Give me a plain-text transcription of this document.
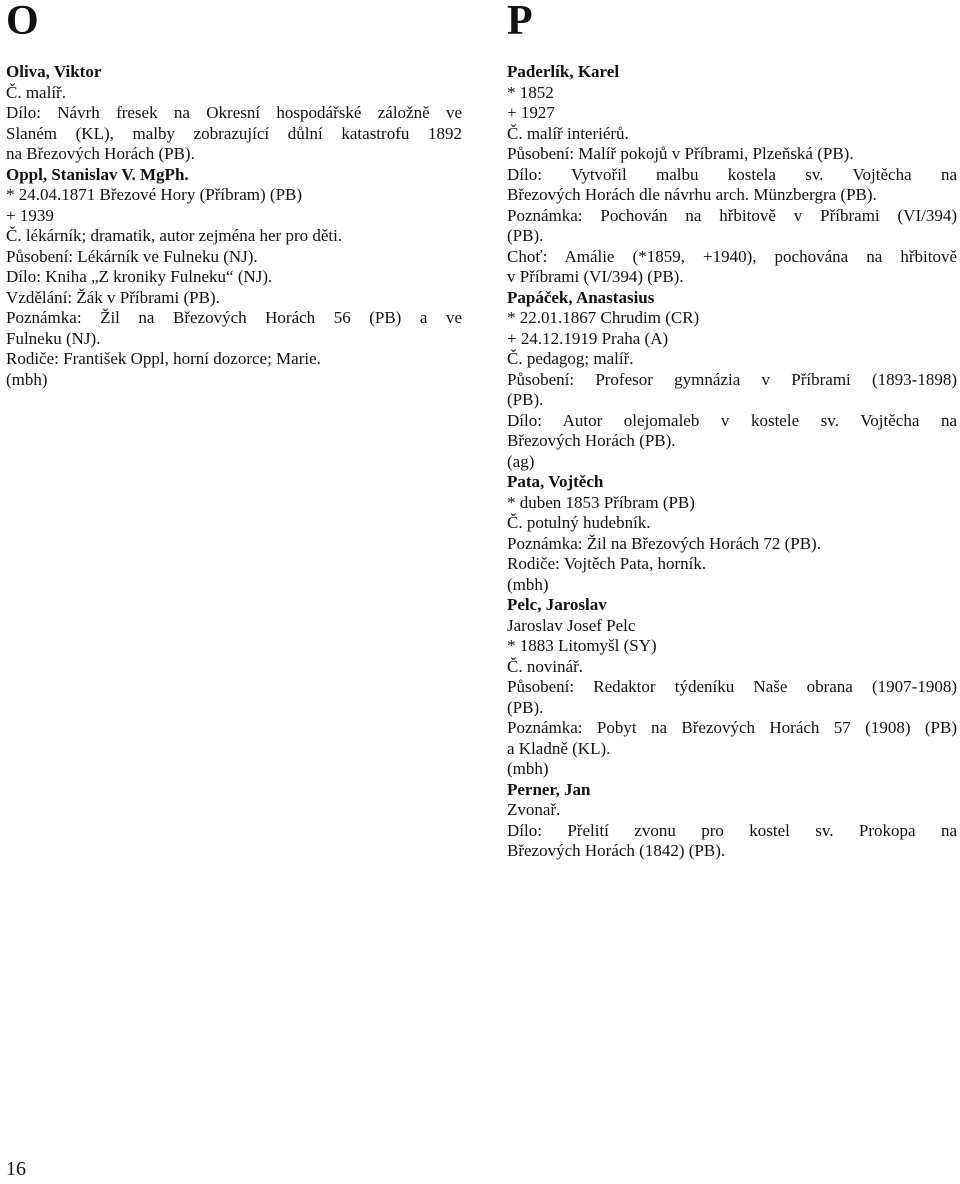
O

Oliva, Viktor

Č. malíř.

Dílo: Návrh fresek na Okresní hospodářské záložně ve

Slaném (KL), malby zobrazující důlní katastrofu 1892

na Březových Horách (PB).

Oppl, Stanislav V. MgPh.

* 24.04.1871 Březové Hory (Příbram) (PB)

+ 1939

Č. lékárník; dramatik, autor zejména her pro děti.

Působení: Lékárník ve Fulneku (NJ).

Dílo: Kniha „Z kroniky Fulneku“ (NJ).

Vzdělání: Žák v Příbrami (PB).

Poznámka: Žil na Březových Horách 56 (PB) a ve

Fulneku (NJ).

Rodiče: František Oppl, horní dozorce; Marie.

(mbh)

P

Paderlík, Karel

* 1852

+ 1927

Č. malíř interiérů.

Působení: Malíř pokojů v Příbrami, Plzeňská (PB).

Dílo: Vytvořil malbu kostela sv. Vojtěcha na

Březových Horách dle návrhu arch. Münzbergra (PB).

Poznámka: Pochován na hřbitově v Příbrami (VI/394)

(PB).

Choť: Amálie (*1859, +1940), pochována na hřbitově

v Příbrami (VI/394) (PB).

Papáček, Anastasius

* 22.01.1867 Chrudim (CR)

+ 24.12.1919 Praha (A)

Č. pedagog; malíř.

Působení: Profesor gymnázia v Příbrami (1893-1898)

(PB).

Dílo: Autor olejomaleb v kostele sv. Vojtěcha na

Březových Horách (PB).

(ag)

Pata, Vojtěch

* duben 1853 Příbram (PB)

Č. potulný hudebník.

Poznámka: Žil na Březových Horách 72 (PB).

Rodiče: Vojtěch Pata, horník.

(mbh)

Pelc, Jaroslav

Jaroslav Josef Pelc

* 1883 Litomyšl (SY)

Č. novinář.

Působení: Redaktor týdeníku Naše obrana (1907-1908)

(PB).

Poznámka: Pobyt na Březových Horách 57 (1908) (PB)

a Kladně (KL).

(mbh)

Perner, Jan

Zvonař.

Dílo: Přelití zvonu pro kostel sv. Prokopa na

Březových Horách (1842) (PB).

16
